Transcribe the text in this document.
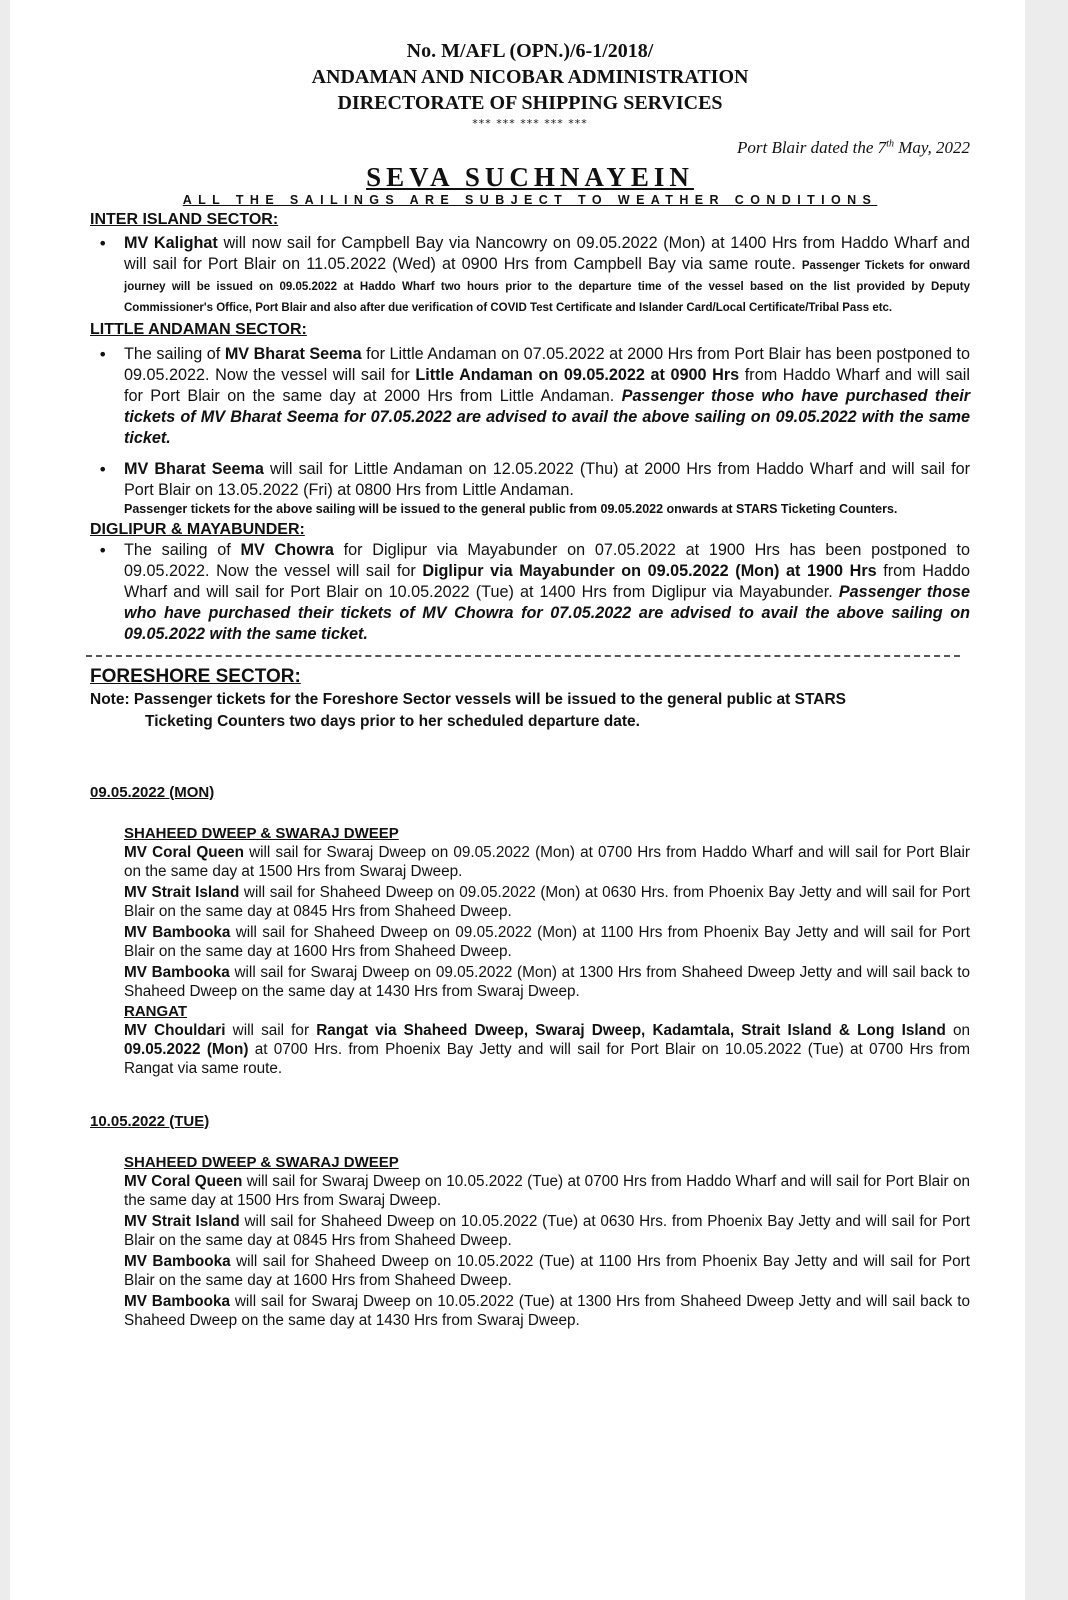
No. M/AFL (OPN.)/6-1/2018/
ANDAMAN AND NICOBAR ADMINISTRATION
DIRECTORATE OF SHIPPING SERVICES
*** *** *** *** ***
Port Blair dated the 7th May, 2022
SEVA SUCHNAYEIN
ALL THE SAILINGS ARE SUBJECT TO WEATHER CONDITIONS
INTER ISLAND SECTOR:
•	MV Kalighat will now sail for Campbell Bay via Nancowry on 09.05.2022 (Mon) at 1400 Hrs from Haddo Wharf and will sail for Port Blair on 11.05.2022 (Wed) at 0900 Hrs from Campbell Bay via same route. Passenger Tickets for onward journey will be issued on 09.05.2022 at Haddo Wharf two hours prior to the departure time of the vessel based on the list provided by Deputy Commissioner's Office, Port Blair and also after due verification of COVID Test Certificate and Islander Card/Local Certificate/Tribal Pass etc.
LITTLE ANDAMAN SECTOR:
•	The sailing of MV Bharat Seema for Little Andaman on 07.05.2022 at 2000 Hrs from Port Blair has been postponed to 09.05.2022. Now the vessel will sail for Little Andaman on 09.05.2022 at 0900 Hrs from Haddo Wharf and will sail for Port Blair on the same day at 2000 Hrs from Little Andaman. Passenger those who have purchased their tickets of MV Bharat Seema for 07.05.2022 are advised to avail the above sailing on 09.05.2022 with the same ticket.
•	MV Bharat Seema will sail for Little Andaman on 12.05.2022 (Thu) at 2000 Hrs from Haddo Wharf and will sail for Port Blair on 13.05.2022 (Fri) at 0800 Hrs from Little Andaman.
Passenger tickets for the above sailing will be issued to the general public from 09.05.2022 onwards at STARS Ticketing Counters.
DIGLIPUR & MAYABUNDER:
•	The sailing of MV Chowra for Diglipur via Mayabunder on 07.05.2022 at 1900 Hrs has been postponed to 09.05.2022. Now the vessel will sail for Diglipur via Mayabunder on 09.05.2022 (Mon) at 1900 Hrs from Haddo Wharf and will sail for Port Blair on 10.05.2022 (Tue) at 1400 Hrs from Diglipur via Mayabunder. Passenger those who have purchased their tickets of MV Chowra for 07.05.2022 are advised to avail the above sailing on 09.05.2022 with the same ticket.
FORESHORE SECTOR:
Note: Passenger tickets for the Foreshore Sector vessels will be issued to the general public at STARS
Ticketing Counters two days prior to her scheduled departure date.
09.05.2022 (MON)
SHAHEED DWEEP & SWARAJ DWEEP
MV Coral Queen will sail for Swaraj Dweep on 09.05.2022 (Mon) at 0700 Hrs from Haddo Wharf and will sail for Port Blair on the same day at 1500 Hrs from Swaraj Dweep.
MV Strait Island will sail for Shaheed Dweep on 09.05.2022 (Mon) at 0630 Hrs. from Phoenix Bay Jetty and will sail for Port Blair on the same day at 0845 Hrs from Shaheed Dweep.
MV Bambooka will sail for Shaheed Dweep on 09.05.2022 (Mon) at 1100 Hrs from Phoenix Bay Jetty and will sail for Port Blair on the same day at 1600 Hrs from Shaheed Dweep.
MV Bambooka will sail for Swaraj Dweep on 09.05.2022 (Mon) at 1300 Hrs from Shaheed Dweep Jetty and will sail back to Shaheed Dweep on the same day at 1430 Hrs from Swaraj Dweep.
RANGAT
MV Chouldari will sail for Rangat via Shaheed Dweep, Swaraj Dweep, Kadamtala, Strait Island & Long Island on 09.05.2022 (Mon) at 0700 Hrs. from Phoenix Bay Jetty and will sail for Port Blair on 10.05.2022 (Tue) at 0700 Hrs from Rangat via same route.
10.05.2022 (TUE)
SHAHEED DWEEP & SWARAJ DWEEP
MV Coral Queen will sail for Swaraj Dweep on 10.05.2022 (Tue) at 0700 Hrs from Haddo Wharf and will sail for Port Blair on the same day at 1500 Hrs from Swaraj Dweep.
MV Strait Island will sail for Shaheed Dweep on 10.05.2022 (Tue) at 0630 Hrs. from Phoenix Bay Jetty and will sail for Port Blair on the same day at 0845 Hrs from Shaheed Dweep.
MV Bambooka will sail for Shaheed Dweep on 10.05.2022 (Tue) at 1100 Hrs from Phoenix Bay Jetty and will sail for Port Blair on the same day at 1600 Hrs from Shaheed Dweep.
MV Bambooka will sail for Swaraj Dweep on 10.05.2022 (Tue) at 1300 Hrs from Shaheed Dweep Jetty and will sail back to Shaheed Dweep on the same day at 1430 Hrs from Swaraj Dweep.
